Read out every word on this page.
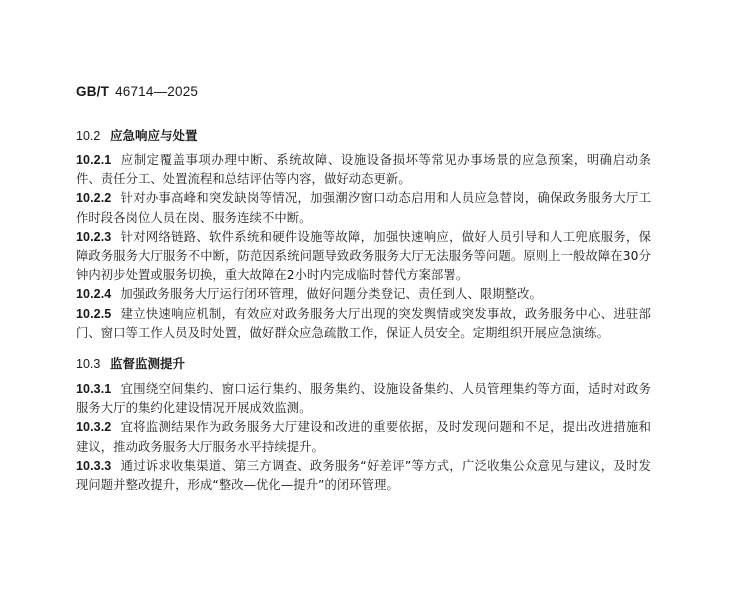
GB/T 46714—2025
10.2 应急响应与处置

10.2.1 应制定覆盖事项办理中断、系统故障、设施设备损坏等常见办事场景的应急预案，明确启动条件、责任分工、处置流程和总结评估等内容，做好动态更新。

10.2.2 针对办事高峰和突发缺岗等情况，加强潮汐窗口动态启用和人员应急替岗，确保政务服务大厅工作时段各岗位人员在岗、服务连续不中断。

10.2.3 针对网络链路、软件系统和硬件设施等故障，加强快速响应，做好人员引导和人工兜底服务，保障政务服务大厅服务不中断，防范因系统问题导致政务服务大厅无法服务等问题。原则上一般故障在30分钟内初步处置或服务切换，重大故障在2小时内完成临时替代方案部署。

10.2.4 加强政务服务大厅运行闭环管理，做好问题分类登记、责任到人、限期整改。

10.2.5 建立快速响应机制，有效应对政务服务大厅出现的突发舆情或突发事故，政务服务中心、进驻部门、窗口等工作人员及时处置，做好群众应急疏散工作，保证人员安全。定期组织开展应急演练。

10.3 监督监测提升

10.3.1 宜围绕空间集约、窗口运行集约、服务集约、设施设备集约、人员管理集约等方面，适时对政务服务大厅的集约化建设情况开展成效监测。

10.3.2 宜将监测结果作为政务服务大厅建设和改进的重要依据，及时发现问题和不足，提出改进措施和建议，推动政务服务大厅服务水平持续提升。

10.3.3 通过诉求收集渠道、第三方调查、政务服务“好差评”等方式，广泛收集公众意见与建议，及时发现问题并整改提升，形成“整改—优化—提升”的闭环管理。
